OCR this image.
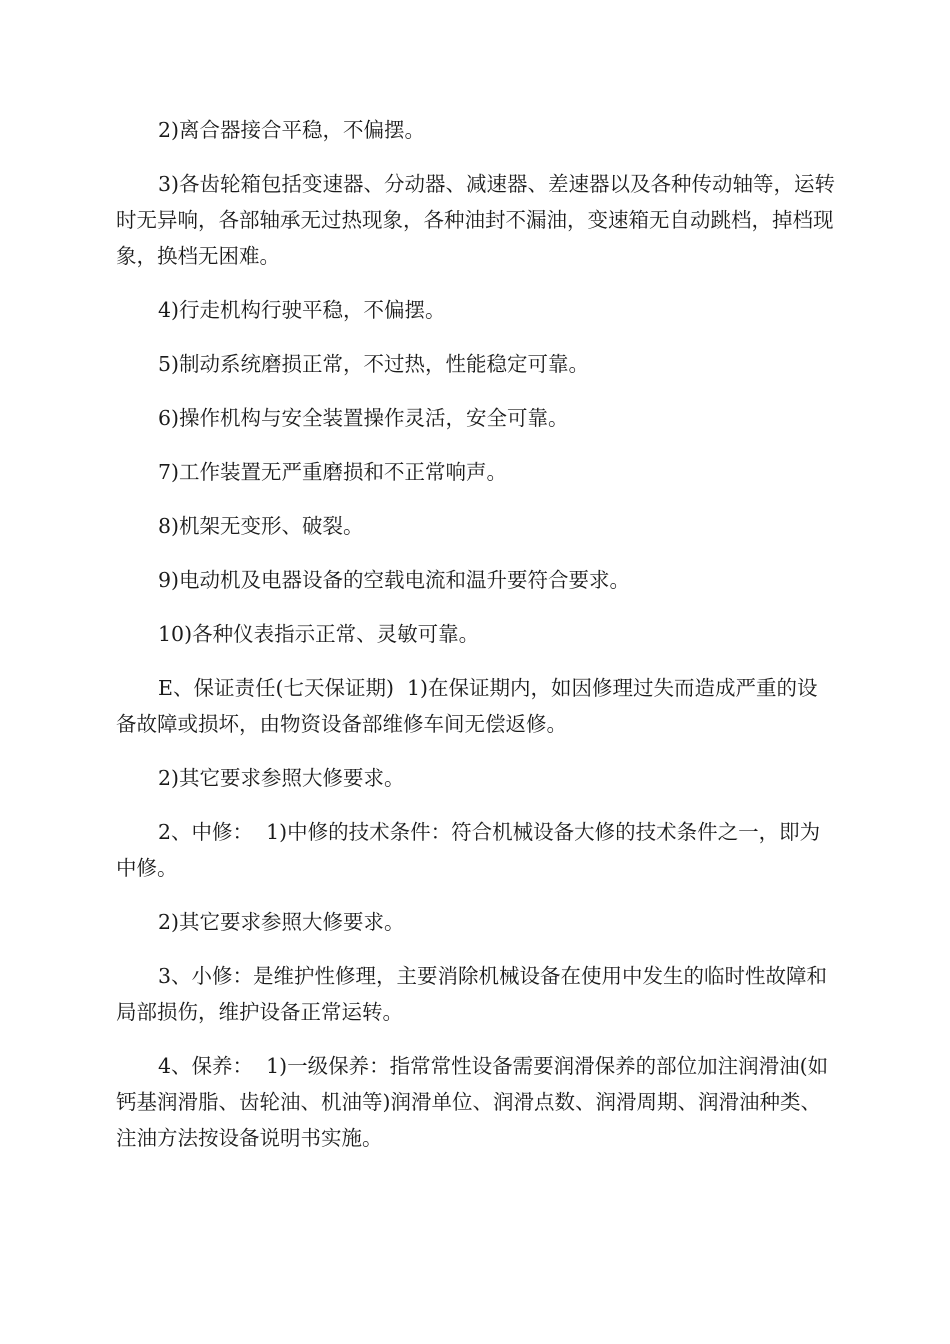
2)离合器接合平稳，不偏摆。

3)各齿轮箱包括变速器、分动器、减速器、差速器以及各种传动轴等，运转时无异响，各部轴承无过热现象，各种油封不漏油，变速箱无自动跳档，掉档现象，换档无困难。

4)行走机构行驶平稳，不偏摆。

5)制动系统磨损正常，不过热，性能稳定可靠。

6)操作机构与安全装置操作灵活，安全可靠。

7)工作装置无严重磨损和不正常响声。

8)机架无变形、破裂。

9)电动机及电器设备的空载电流和温升要符合要求。

10)各种仪表指示正常、灵敏可靠。

E、保证责任(七天保证期)  1)在保证期内，如因修理过失而造成严重的设备故障或损坏，由物资设备部维修车间无偿返修。

2)其它要求参照大修要求。

2、中修：  1)中修的技术条件：符合机械设备大修的技术条件之一，即为中修。

2)其它要求参照大修要求。

3、小修：是维护性修理，主要消除机械设备在使用中发生的临时性故障和局部损伤，维护设备正常运转。

4、保养：  1)一级保养：指常常性设备需要润滑保养的部位加注润滑油(如钙基润滑脂、齿轮油、机油等)润滑单位、润滑点数、润滑周期、润滑油种类、注油方法按设备说明书实施。
